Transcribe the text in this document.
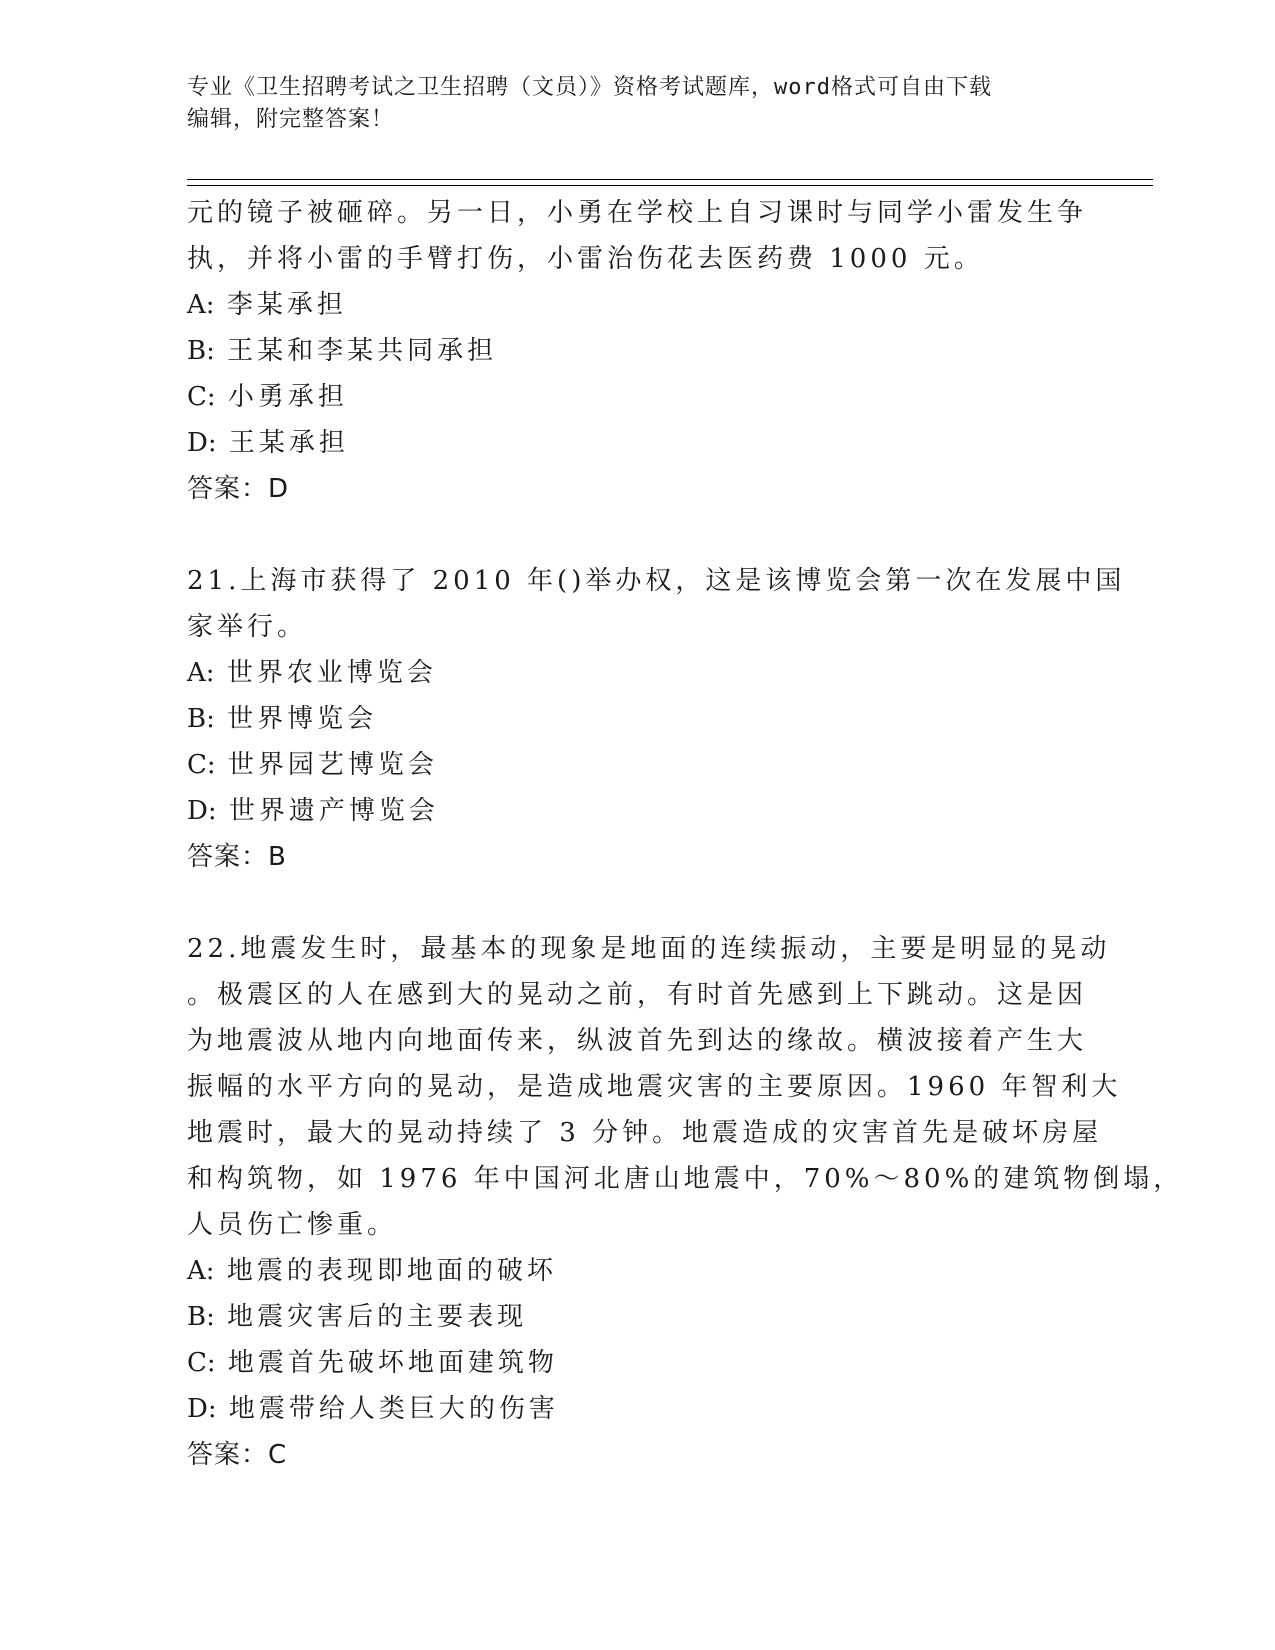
专业《卫生招聘考试之卫生招聘（文员）》资格考试题库，word格式可自由下载
编辑，附完整答案！
元的镜子被砸碎。另一日，小勇在学校上自习课时与同学小雷发生争
执，并将小雷的手臂打伤，小雷治伤花去医药费 1000 元。
A: 李某承担
B: 王某和李某共同承担
C: 小勇承担
D: 王某承担
答案：D
21.上海市获得了 2010 年()举办权，这是该博览会第一次在发展中国
家举行。
A: 世界农业博览会
B: 世界博览会
C: 世界园艺博览会
D: 世界遗产博览会
答案：B
22.地震发生时，最基本的现象是地面的连续振动，主要是明显的晃动
。极震区的人在感到大的晃动之前，有时首先感到上下跳动。这是因
为地震波从地内向地面传来，纵波首先到达的缘故。横波接着产生大
振幅的水平方向的晃动，是造成地震灾害的主要原因。1960 年智利大
地震时，最大的晃动持续了 3 分钟。地震造成的灾害首先是破坏房屋
和构筑物，如 1976 年中国河北唐山地震中，70%～80%的建筑物倒塌，
人员伤亡惨重。
A: 地震的表现即地面的破坏
B: 地震灾害后的主要表现
C: 地震首先破坏地面建筑物
D: 地震带给人类巨大的伤害
答案：C
